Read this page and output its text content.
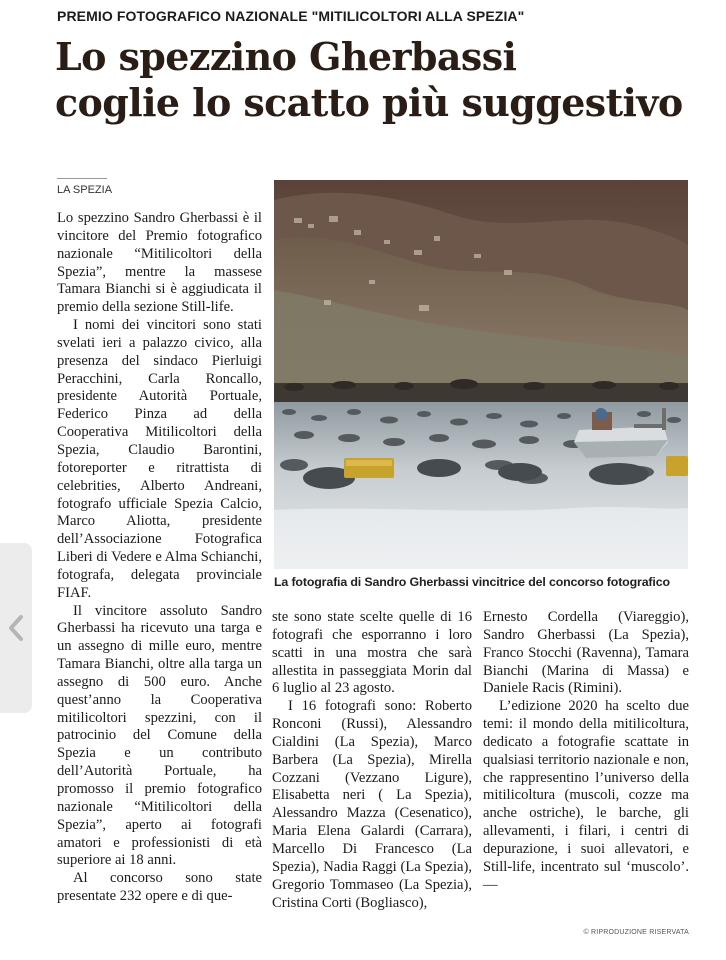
PREMIO FOTOGRAFICO NAZIONALE "MITILICOLTORI ALLA SPEZIA"
Lo spezzino Gherbassi
coglie lo scatto più suggestivo
LA SPEZIA

Lo spezzino Sandro Gherbassi è il vincitore del Premio fotografico nazionale “Mitilicoltori della Spezia”, mentre la massese Tamara Bianchi si è aggiudicata il premio della sezione Still-life.

I nomi dei vincitori sono stati svelati ieri a palazzo civico, alla presenza del sindaco Pierluigi Peracchini, Carla Roncallo, presidente Autorità Portuale, Federico Pinza ad della Cooperativa Mitilicoltori della Spezia, Claudio Barontini, fotoreporter e ritrattista di celebrities, Alberto Andreani, fotografo ufficiale Spezia Calcio, Marco Aliotta, presidente dell’Associazione Fotografica Liberi di Vedere e Alma Schianchi, fotografa, delegata provinciale FIAF.

Il vincitore assoluto Sandro Gherbassi ha ricevuto una targa e un assegno di mille euro, mentre Tamara Bianchi, oltre alla targa un assegno di 500 euro. Anche quest’anno la Cooperativa mitilicoltori spezzini, con il patrocinio del Comune della Spezia e un contributo dell’Autorità Portuale, ha promosso il premio fotografico nazionale “Mitilicoltori della Spezia”, aperto ai fotografi amatori e professionisti di età superiore ai 18 anni.

Al concorso sono state presentate 232 opere e di que-

La fotografia di Sandro Gherbassi vincitrice del concorso fotografico

ste sono state scelte quelle di 16 fotografi che esporranno i loro scatti in una mostra che sarà allestita in passeggiata Morin dal 6 luglio al 23 agosto.

I 16 fotografi sono: Roberto Ronconi (Russi), Alessandro Cialdini (La Spezia), Marco Barbera (La Spezia), Mirella Cozzani (Vezzano Ligure), Elisabetta neri ( La Spezia), Alessandro Mazza (Cesenatico), Maria Elena Galardi (Carrara), Marcello Di Francesco (La Spezia), Nadia Raggi (La Spezia), Gregorio Tommaseo (La Spezia), Cristina Corti (Bogliasco),

Ernesto Cordella (Viareggio), Sandro Gherbassi (La Spezia), Franco Stocchi (Ravenna), Tamara Bianchi (Marina di Massa) e Daniele Racis (Rimini).

L’edizione 2020 ha scelto due temi: il mondo della mitilicoltura, dedicato a fotografie scattate in qualsiasi territorio nazionale e non, che rappresentino l’universo della mitilicoltura (muscoli, cozze ma anche ostriche), le barche, gli allevamenti, i filari, i centri di depurazione, i suoi allevatori, e Still-life, incentrato sul ‘muscolo’. —

© RIPRODUZIONE RISERVATA
